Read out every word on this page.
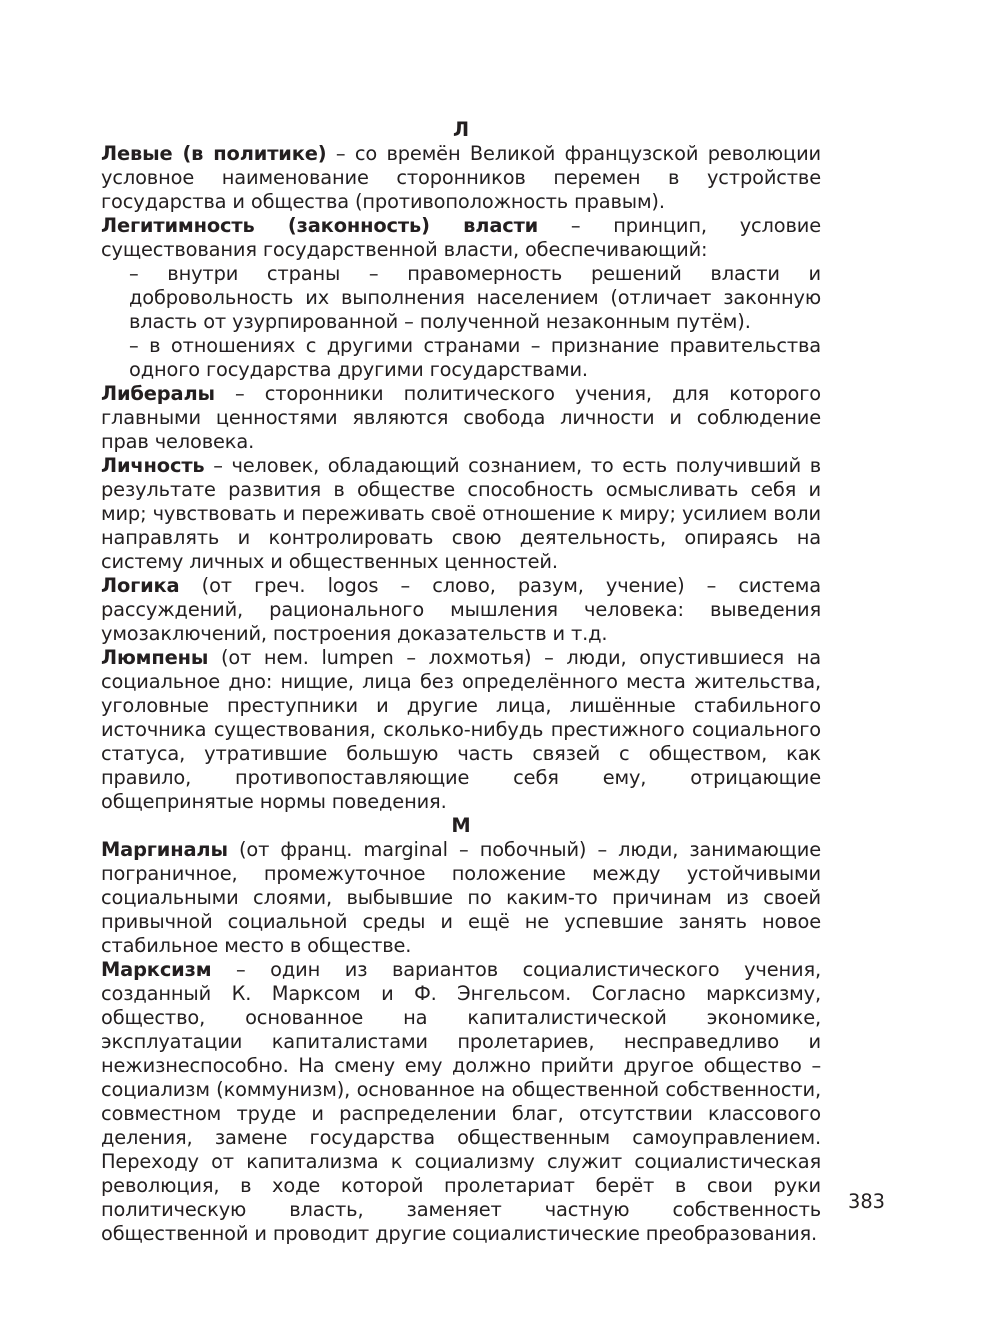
Л

Левые (в политике) – со времён Великой французской революции условное наименование сторонников перемен в устройстве государства и общества (противоположность правым).

Легитимность (законность) власти – принцип, условие существования государственной власти, обеспечивающий:

– внутри страны – правомерность решений власти и добровольность их выполнения населением (отличает законную власть от узурпированной – полученной незаконным путём).

– в отношениях с другими странами – признание правительства одного государства другими государствами.

Либералы – сторонники политического учения, для которого главными ценностями являются свобода личности и соблюдение прав человека.

Личность – человек, обладающий сознанием, то есть получивший в результате развития в обществе способность осмысливать себя и мир; чувствовать и переживать своё отношение к миру; усилием воли направлять и контролировать свою деятельность, опираясь на систему личных и общественных ценностей.

Логика (от греч. logos – слово, разум, учение) – система рассуждений, рационального мышления человека: выведения умозаключений, построения доказательств и т.д.

Люмпены (от нем. lumpen – лохмотья) – люди, опустившиеся на социальное дно: нищие, лица без определённого места жительства, уголовные преступники и другие лица, лишённые стабильного источника существования, сколько-нибудь престижного социального статуса, утратившие большую часть связей с обществом, как правило, противопоставляющие себя ему, отрицающие общепринятые нормы поведения.

М

Маргиналы (от франц. marginal – побочный) – люди, занимающие пограничное, промежуточное положение между устойчивыми социальными слоями, выбывшие по каким-то причинам из своей привычной социальной среды и ещё не успевшие занять новое стабильное место в обществе.

Марксизм – один из вариантов социалистического учения, созданный К. Марксом и Ф. Энгельсом. Согласно марксизму, общество, основанное на капиталистической экономике, эксплуатации капиталистами пролетариев, несправедливо и нежизнеспособно. На смену ему должно прийти другое общество – социализм (коммунизм), основанное на общественной собственности, совместном труде и распределении благ, отсутствии классового деления, замене государства общественным самоуправлением. Переходу от капитализма к социализму служит социалистическая революция, в ходе которой пролетариат берёт в свои руки политическую власть, заменяет частную собственность общественной и проводит другие социалистические преобразования.

383
